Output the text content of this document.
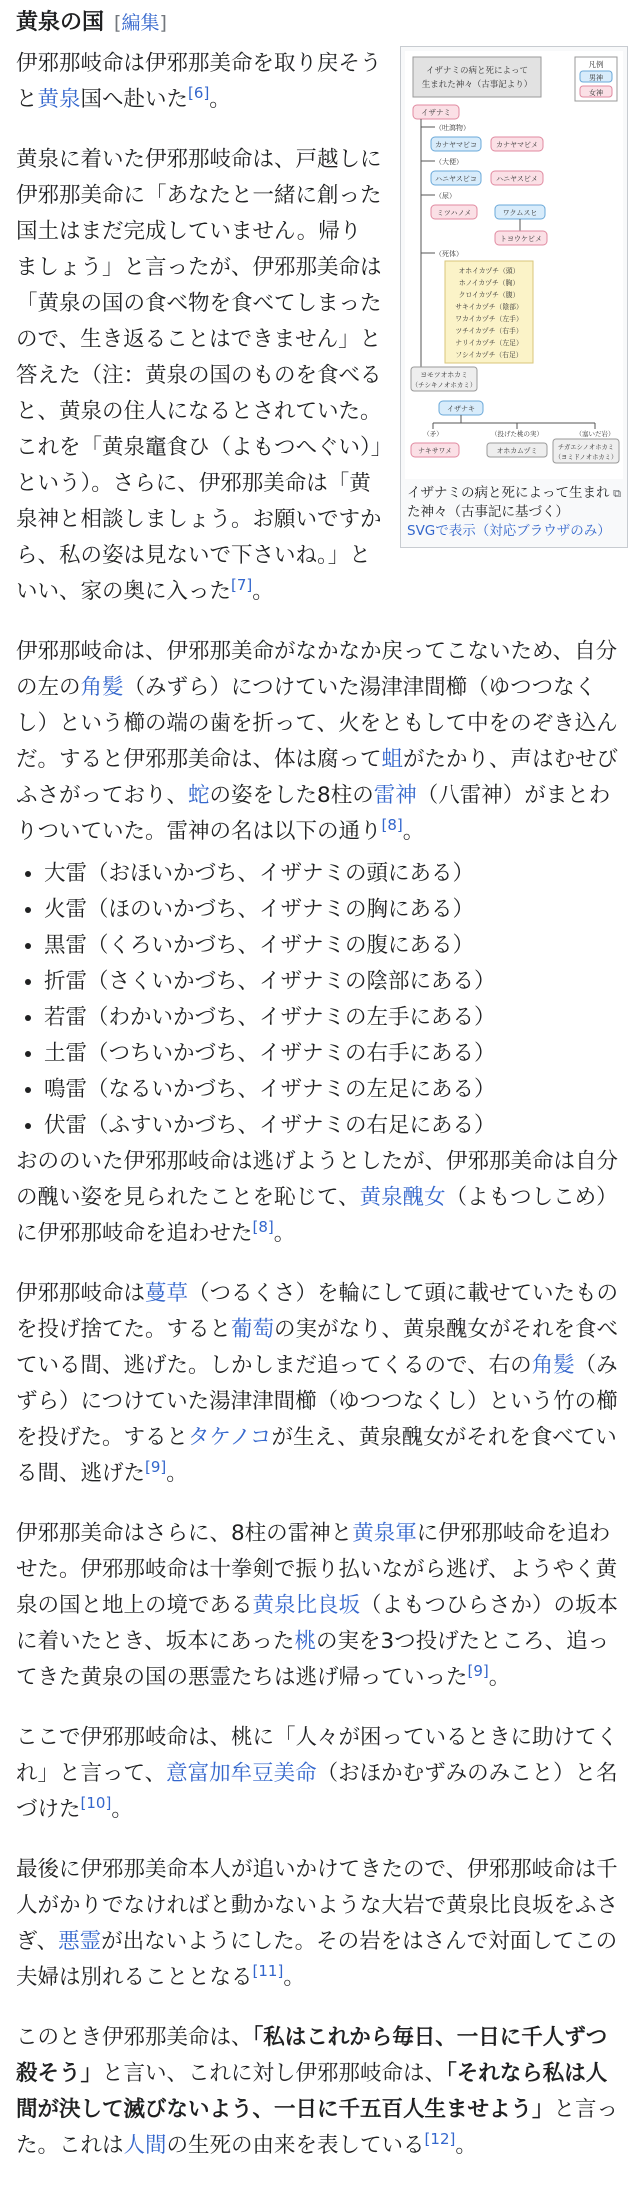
黄泉の国 [編集]
イザナミの病と死によって
生まれた神々（古事記より）
凡例
男神
女神
イザナミ
（吐瀉物）
カナヤマビコ	カナヤマビメ
（大便）
ハニヤスビコ	ハニヤスビメ
（尿）
ミツハノメ	ワクムスヒ
トヨウケビメ
（死体）
オホイカヅチ（頭）
ホノイカヅチ（胸）
クロイカヅチ（腹）
サキイカヅチ（陰部）
ワカイカヅチ（左手）
ツチイカヅチ（右手）
ナリイカヅチ（左足）
フシイカヅチ（右足）
ヨモツオホカミ
（チシキノオホカミ）
イザナキ
（矛）	（投げた桃の実）	（塞いだ岩）
ナキサワメ	オホカムヅミ	チガエシノオホカミ
（ヨミドノオホカミ）
⧉
イザナミの病と死によって生まれた神々（古事記に基づく）
SVGで表示（対応ブラウザのみ）

伊邪那岐命は伊邪那美命を取り戻そうと黄泉国へ赴いた[6]。

黄泉に着いた伊邪那岐命は、戸越しに伊邪那美命に「あなたと一緒に創った国土はまだ完成していません。帰りましょう」と言ったが、伊邪那美命は「黄泉の国の食べ物を食べてしまったので、生き返ることはできません」と答えた（注：黄泉の国のものを食べると、黄泉の住人になるとされていた。これを「黄泉竈食ひ（よもつへぐい）」という）。さらに、伊邪那美命は「黄泉神と相談しましょう。お願いですから、私の姿は見ないで下さいね。」といい、家の奥に入った[7]。

伊邪那岐命は、伊邪那美命がなかなか戻ってこないため、自分の左の角髪（みずら）につけていた湯津津間櫛（ゆつつなくし）という櫛の端の歯を折って、火をともして中をのぞき込んだ。すると伊邪那美命は、体は腐って蛆がたかり、声はむせびふさがっており、蛇の姿をした8柱の雷神（八雷神）がまとわりついていた。雷神の名は以下の通り[8]。

• 大雷（おほいかづち、イザナミの頭にある）
• 火雷（ほのいかづち、イザナミの胸にある）
• 黒雷（くろいかづち、イザナミの腹にある）
• 折雷（さくいかづち、イザナミの陰部にある）
• 若雷（わかいかづち、イザナミの左手にある）
• 土雷（つちいかづち、イザナミの右手にある）
• 鳴雷（なるいかづち、イザナミの左足にある）
• 伏雷（ふすいかづち、イザナミの右足にある）

おののいた伊邪那岐命は逃げようとしたが、伊邪那美命は自分の醜い姿を見られたことを恥じて、黄泉醜女（よもつしこめ）に伊邪那岐命を追わせた[8]。

伊邪那岐命は蔓草（つるくさ）を輪にして頭に載せていたものを投げ捨てた。すると葡萄の実がなり、黄泉醜女がそれを食べている間、逃げた。しかしまだ追ってくるので、右の角髪（みずら）につけていた湯津津間櫛（ゆつつなくし）という竹の櫛を投げた。するとタケノコが生え、黄泉醜女がそれを食べている間、逃げた[9]。

伊邪那美命はさらに、8柱の雷神と黄泉軍に伊邪那岐命を追わせた。伊邪那岐命は十拳剣で振り払いながら逃げ、ようやく黄泉の国と地上の境である黄泉比良坂（よもつひらさか）の坂本に着いたとき、坂本にあった桃の実を3つ投げたところ、追ってきた黄泉の国の悪霊たちは逃げ帰っていった[9]。

ここで伊邪那岐命は、桃に「人々が困っているときに助けてくれ」と言って、意富加牟豆美命（おほかむずみのみこと）と名づけた[10]。

最後に伊邪那美命本人が追いかけてきたので、伊邪那岐命は千人がかりでなければと動かないような大岩で黄泉比良坂をふさぎ、悪霊が出ないようにした。その岩をはさんで対面してこの夫婦は別れることとなる[11]。

このとき伊邪那美命は、「私はこれから毎日、一日に千人ずつ殺そう」と言い、これに対し伊邪那岐命は、「それなら私は人間が決して滅びないよう、一日に千五百人生ませよう」と言った。これは人間の生死の由来を表している[12]。
